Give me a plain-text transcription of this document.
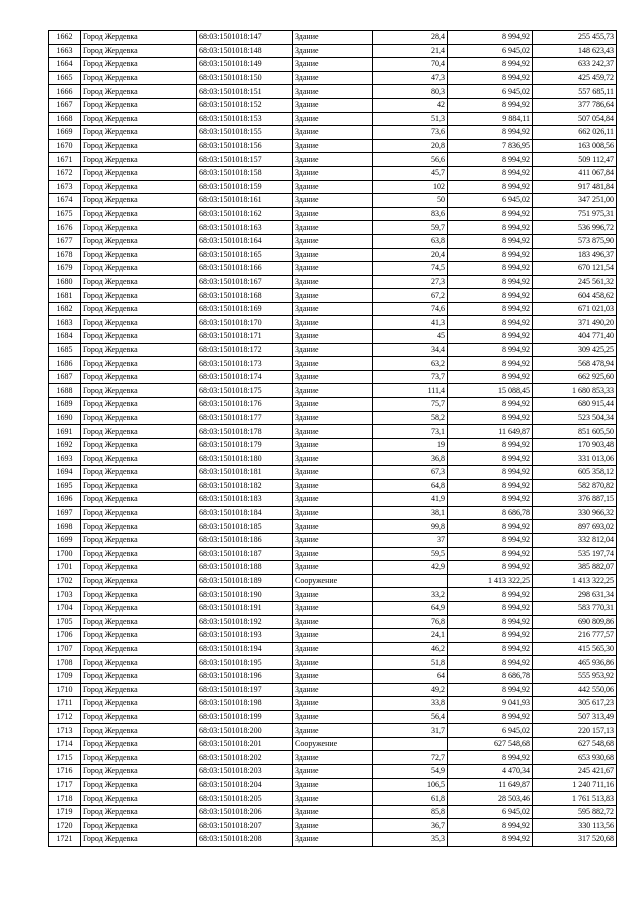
1662	Город Жердевка	68:03:1501018:147	Здание	28,4	8 994,92	255 455,73
1663	Город Жердевка	68:03:1501018:148	Здание	21,4	6 945,02	148 623,43
1664	Город Жердевка	68:03:1501018:149	Здание	70,4	8 994,92	633 242,37
1665	Город Жердевка	68:03:1501018:150	Здание	47,3	8 994,92	425 459,72
1666	Город Жердевка	68:03:1501018:151	Здание	80,3	6 945,02	557 685,11
1667	Город Жердевка	68:03:1501018:152	Здание	42	8 994,92	377 786,64
1668	Город Жердевка	68:03:1501018:153	Здание	51,3	9 884,11	507 054,84
1669	Город Жердевка	68:03:1501018:155	Здание	73,6	8 994,92	662 026,11
1670	Город Жердевка	68:03:1501018:156	Здание	20,8	7 836,95	163 008,56
1671	Город Жердевка	68:03:1501018:157	Здание	56,6	8 994,92	509 112,47
1672	Город Жердевка	68:03:1501018:158	Здание	45,7	8 994,92	411 067,84
1673	Город Жердевка	68:03:1501018:159	Здание	102	8 994,92	917 481,84
1674	Город Жердевка	68:03:1501018:161	Здание	50	6 945,02	347 251,00
1675	Город Жердевка	68:03:1501018:162	Здание	83,6	8 994,92	751 975,31
1676	Город Жердевка	68:03:1501018:163	Здание	59,7	8 994,92	536 996,72
1677	Город Жердевка	68:03:1501018:164	Здание	63,8	8 994,92	573 875,90
1678	Город Жердевка	68:03:1501018:165	Здание	20,4	8 994,92	183 496,37
1679	Город Жердевка	68:03:1501018:166	Здание	74,5	8 994,92	670 121,54
1680	Город Жердевка	68:03:1501018:167	Здание	27,3	8 994,92	245 561,32
1681	Город Жердевка	68:03:1501018:168	Здание	67,2	8 994,92	604 458,62
1682	Город Жердевка	68:03:1501018:169	Здание	74,6	8 994,92	671 021,03
1683	Город Жердевка	68:03:1501018:170	Здание	41,3	8 994,92	371 490,20
1684	Город Жердевка	68:03:1501018:171	Здание	45	8 994,92	404 771,40
1685	Город Жердевка	68:03:1501018:172	Здание	34,4	8 994,92	309 425,25
1686	Город Жердевка	68:03:1501018:173	Здание	63,2	8 994,92	568 478,94
1687	Город Жердевка	68:03:1501018:174	Здание	73,7	8 994,92	662 925,60
1688	Город Жердевка	68:03:1501018:175	Здание	111,4	15 088,45	1 680 853,33
1689	Город Жердевка	68:03:1501018:176	Здание	75,7	8 994,92	680 915,44
1690	Город Жердевка	68:03:1501018:177	Здание	58,2	8 994,92	523 504,34
1691	Город Жердевка	68:03:1501018:178	Здание	73,1	11 649,87	851 605,50
1692	Город Жердевка	68:03:1501018:179	Здание	19	8 994,92	170 903,48
1693	Город Жердевка	68:03:1501018:180	Здание	36,8	8 994,92	331 013,06
1694	Город Жердевка	68:03:1501018:181	Здание	67,3	8 994,92	605 358,12
1695	Город Жердевка	68:03:1501018:182	Здание	64,8	8 994,92	582 870,82
1696	Город Жердевка	68:03:1501018:183	Здание	41,9	8 994,92	376 887,15
1697	Город Жердевка	68:03:1501018:184	Здание	38,1	8 686,78	330 966,32
1698	Город Жердевка	68:03:1501018:185	Здание	99,8	8 994,92	897 693,02
1699	Город Жердевка	68:03:1501018:186	Здание	37	8 994,92	332 812,04
1700	Город Жердевка	68:03:1501018:187	Здание	59,5	8 994,92	535 197,74
1701	Город Жердевка	68:03:1501018:188	Здание	42,9	8 994,92	385 882,07
1702	Город Жердевка	68:03:1501018:189	Сооружение		1 413 322,25	1 413 322,25
1703	Город Жердевка	68:03:1501018:190	Здание	33,2	8 994,92	298 631,34
1704	Город Жердевка	68:03:1501018:191	Здание	64,9	8 994,92	583 770,31
1705	Город Жердевка	68:03:1501018:192	Здание	76,8	8 994,92	690 809,86
1706	Город Жердевка	68:03:1501018:193	Здание	24,1	8 994,92	216 777,57
1707	Город Жердевка	68:03:1501018:194	Здание	46,2	8 994,92	415 565,30
1708	Город Жердевка	68:03:1501018:195	Здание	51,8	8 994,92	465 936,86
1709	Город Жердевка	68:03:1501018:196	Здание	64	8 686,78	555 953,92
1710	Город Жердевка	68:03:1501018:197	Здание	49,2	8 994,92	442 550,06
1711	Город Жердевка	68:03:1501018:198	Здание	33,8	9 041,93	305 617,23
1712	Город Жердевка	68:03:1501018:199	Здание	56,4	8 994,92	507 313,49
1713	Город Жердевка	68:03:1501018:200	Здание	31,7	6 945,02	220 157,13
1714	Город Жердевка	68:03:1501018:201	Сооружение		627 548,68	627 548,68
1715	Город Жердевка	68:03:1501018:202	Здание	72,7	8 994,92	653 930,68
1716	Город Жердевка	68:03:1501018:203	Здание	54,9	4 470,34	245 421,67
1717	Город Жердевка	68:03:1501018:204	Здание	106,5	11 649,87	1 240 711,16
1718	Город Жердевка	68:03:1501018:205	Здание	61,8	28 503,46	1 761 513,83
1719	Город Жердевка	68:03:1501018:206	Здание	85,8	6 945,02	595 882,72
1720	Город Жердевка	68:03:1501018:207	Здание	36,7	8 994,92	330 113,56
1721	Город Жердевка	68:03:1501018:208	Здание	35,3	8 994,92	317 520,68
